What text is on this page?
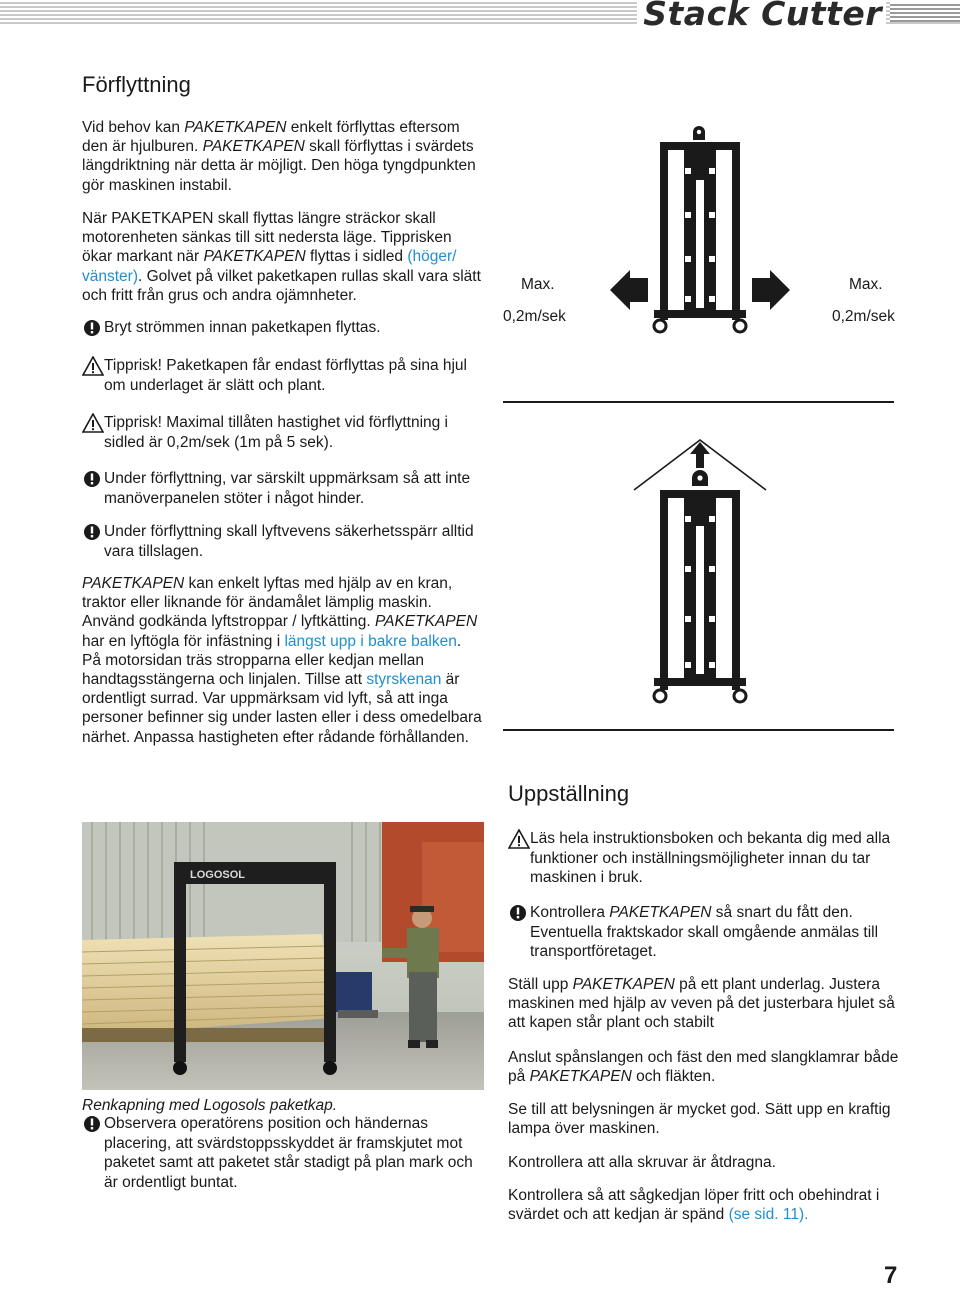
Stack Cutter
Förflyttning
Vid behov kan PAKETKAPEN enkelt förflyttas eftersom den är hjulburen. PAKETKAPEN skall förflyttas i svärdets längdriktning när detta är möjligt. Den höga tyngdpunkten gör maskinen instabil.
När PAKETKAPEN skall flyttas längre sträckor skall motorenheten sänkas till sitt nedersta läge. Tipprisken ökar markant när PAKETKAPEN flyttas i sidled (höger/ vänster). Golvet på vilket paketkapen rullas skall vara slätt och fritt från grus och andra ojämnheter.
Bryt strömmen innan paketkapen flyttas.
Tipprisk! Paketkapen får endast förflyttas på sina hjul om underlaget är slätt och plant.
Tipprisk! Maximal tillåten hastighet vid förflyttning i sidled är 0,2m/sek (1m på 5 sek).
Under förflyttning, var särskilt uppmärksam så att inte manöverpanelen stöter i något hinder.
Under förflyttning skall lyftvevens säkerhetsspärr alltid vara tillslagen.
PAKETKAPEN kan enkelt lyftas med hjälp av en kran, traktor eller liknande för ändamålet lämplig maskin. Använd godkända lyftstroppar / lyftkätting. PAKETKAPEN har en lyftögla för infästning i längst upp i bakre balken. På motorsidan träs stropparna eller kedjan mellan handtagsstängerna och linjalen. Tillse att styrskenan är ordentligt surrad. Var uppmärksam vid lyft, så att inga personer befinner sig under lasten eller i dess omedelbara närhet. Anpassa hastigheten efter rådande förhållanden.
LOGOSOL
Renkapning med Logosols paketkap.
Observera operatörens position och händernas placering, att svärdstoppsskyddet är framskjutet mot paketet samt att paketet står stadigt på plan mark och är ordentligt buntat.
Max.
0,2m/sek
Max.
0,2m/sek
Uppställning
Läs hela instruktionsboken och bekanta dig med alla funktioner och inställningsmöjligheter innan du tar maskinen i bruk.
Kontrollera PAKETKAPEN så snart du fått den. Eventuella fraktskador skall omgående anmälas till transportföretaget.
Ställ upp PAKETKAPEN på ett plant underlag. Justera maskinen med hjälp av veven på det justerbara hjulet så att kapen står plant och stabilt
Anslut spånslangen och fäst den med slangklamrar både på PAKETKAPEN och fläkten.
Se till att belysningen är mycket god. Sätt upp en kraftig lampa över maskinen.
Kontrollera att alla skruvar är åtdragna.
Kontrollera så att sågkedjan löper fritt och obehindrat i svärdet och att kedjan är spänd (se sid. 11).
7
